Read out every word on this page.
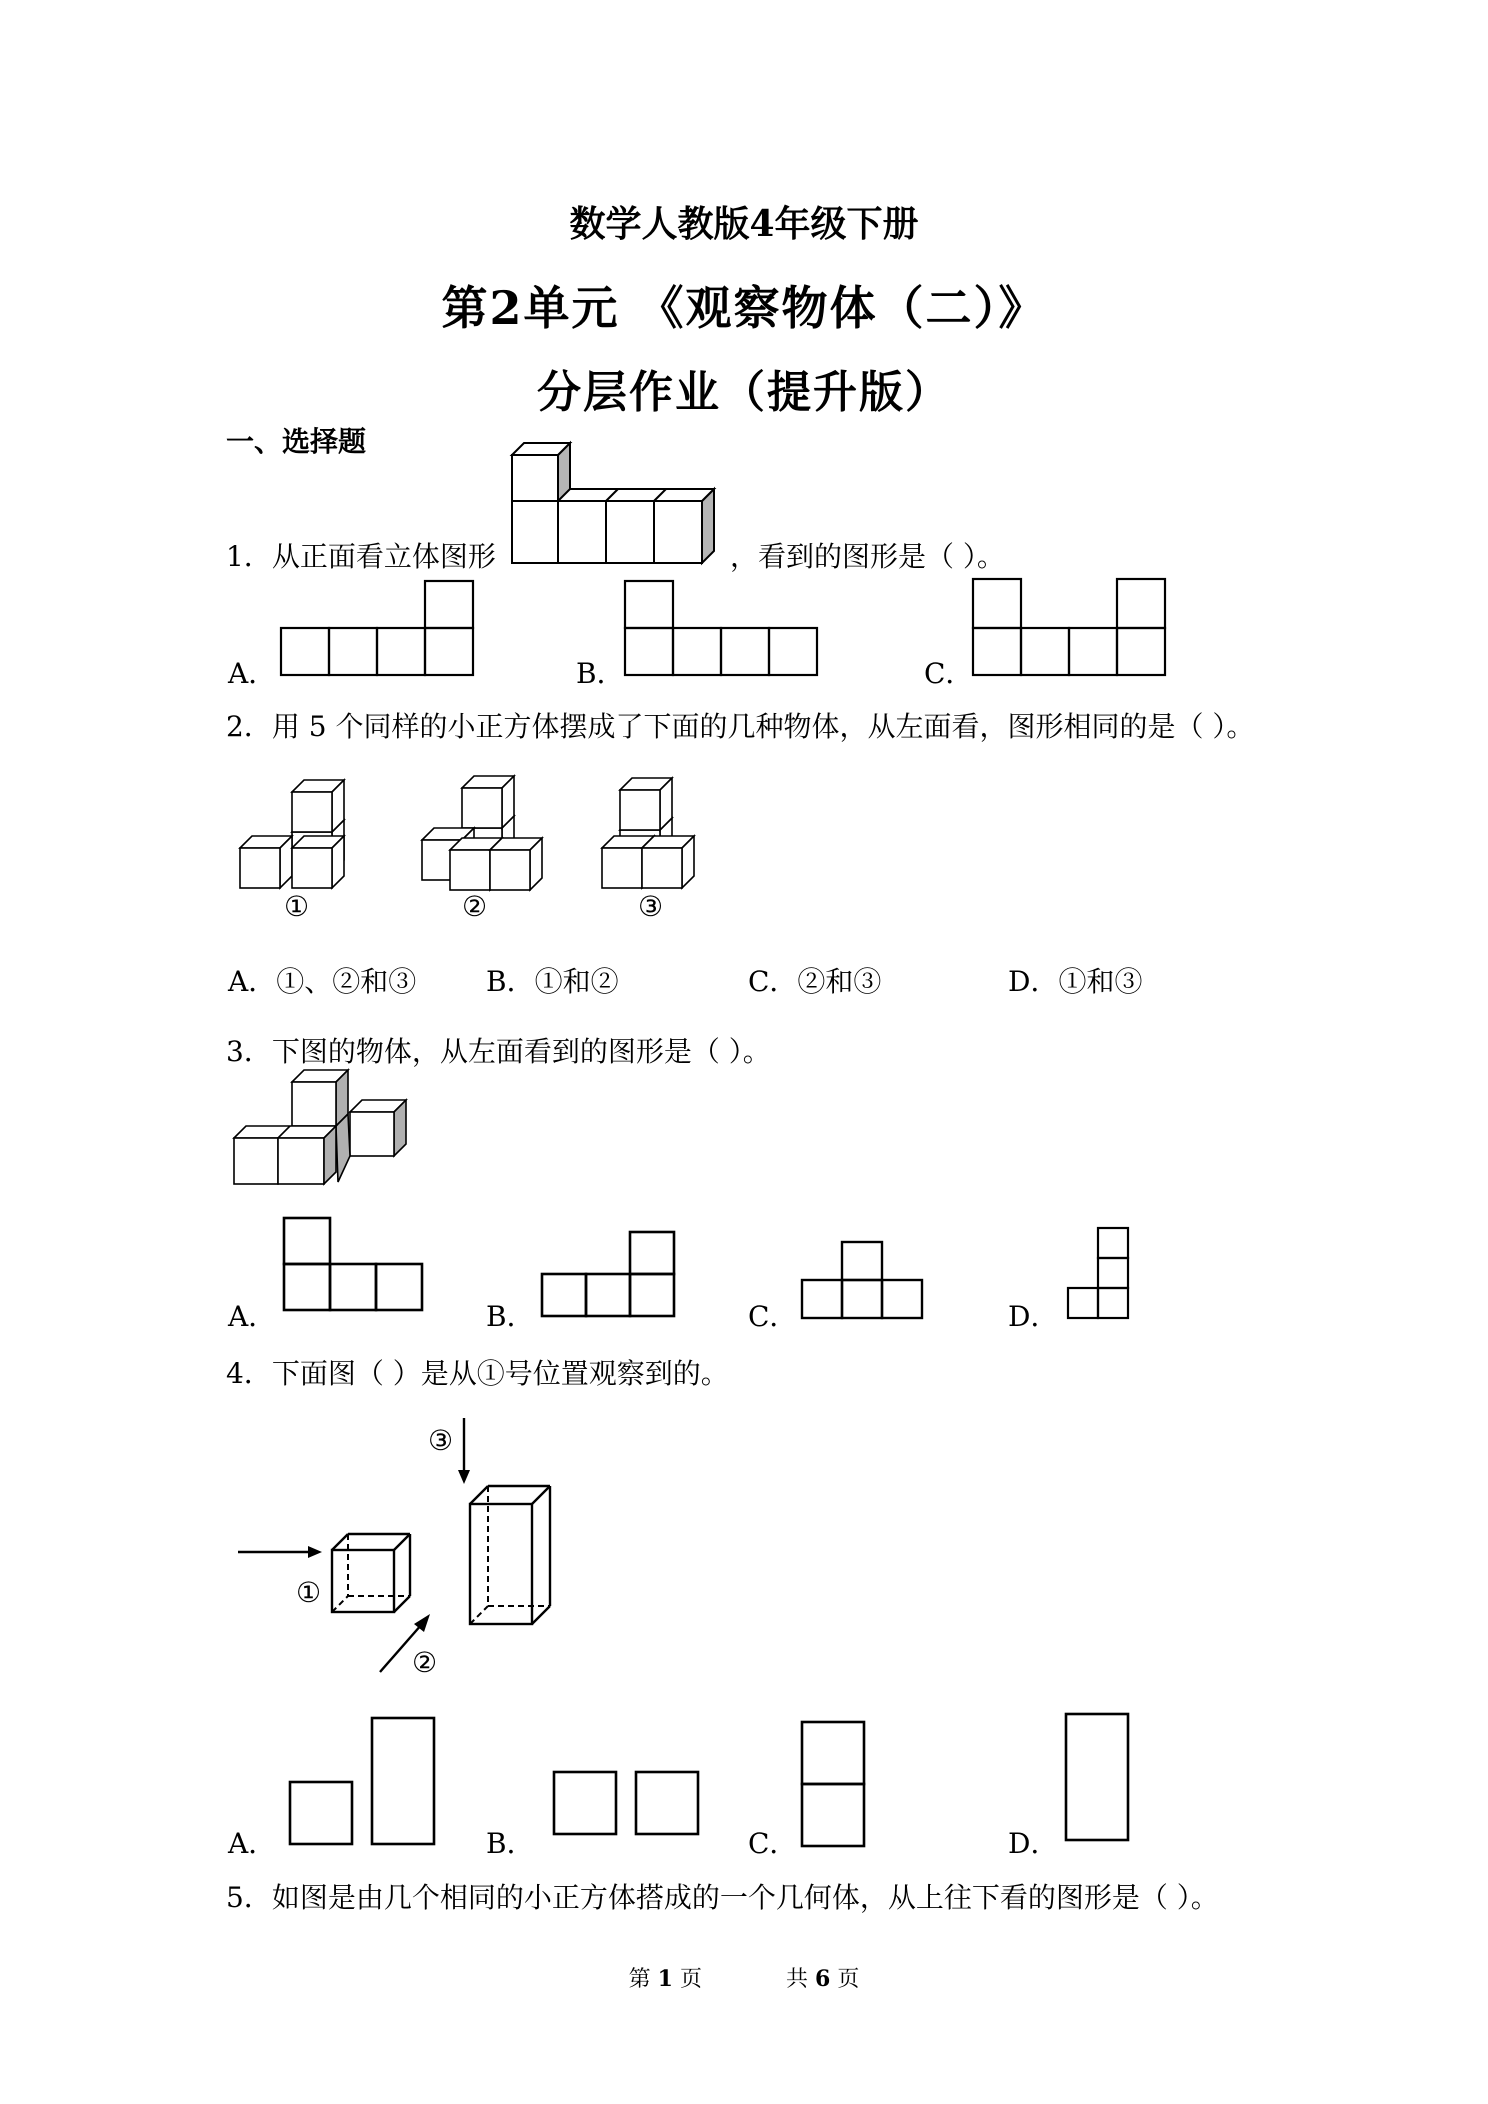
数学人教版4年级下册
第2单元 《观察物体（二）》
分层作业（提升版）
一、选择题
1．从正面看立体图形	，看到的图形是（ ）。
A．	B．	C．
2．用 5 个同样的小正方体摆成了下面的几种物体，从左面看，图形相同的是（ ）。
①	②	③
A．①、②和③ B．①和②	C．②和③	D．①和③
3．下图的物体，从左面看到的图形是（ ）。
A．	B．	C．	D．
4．下面图（ ）是从①号位置观察到的。
③
①
②
A．	B．	C．	D．
5．如图是由几个相同的小正方体搭成的一个几何体，从上往下看的图形是（ ）。
第 1 页	共 6 页
